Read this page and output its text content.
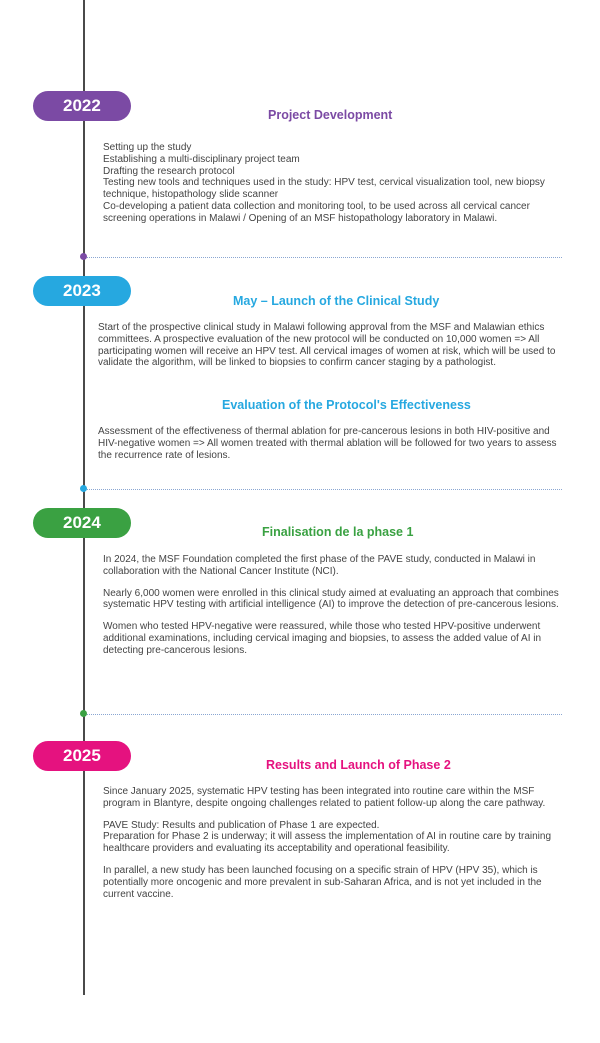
2022	Project Development

Setting up the study

Establishing a multi-disciplinary project team

Drafting the research protocol

Testing new tools and techniques used in the study: HPV test, cervical visualization tool, new biopsy technique, histopathology slide scanner

Co-developing a patient data collection and monitoring tool, to be used across all cervical cancer screening operations in Malawi / Opening of an MSF histopathology laboratory in Malawi.

2023
May – Launch of the Clinical Study
Start of the prospective clinical study in Malawi following approval from the MSF and Malawian ethics committees. A prospective evaluation of the new protocol will be conducted on 10,000 women => All participating women will receive an HPV test. All cervical images of women at risk, which will be used to validate the algorithm, will be linked to biopsies to confirm cancer staging by a pathologist.
Evaluation of the Protocol's Effectiveness
Assessment of the effectiveness of thermal ablation for pre-cancerous lesions in both HIV-positive and HIV-negative women => All women treated with thermal ablation will be followed for two years to assess the recurrence rate of lesions.
2024	Finalisation de la phase 1

In 2024, the MSF Foundation completed the first phase of the PAVE study, conducted in Malawi in collaboration with the National Cancer Institute (NCI).

Nearly 6,000 women were enrolled in this clinical study aimed at evaluating an approach that combines systematic HPV testing with artificial intelligence (AI) to improve the detection of pre-cancerous lesions.

Women who tested HPV-negative were reassured, while those who tested HPV-positive underwent additional examinations, including cervical imaging and biopsies, to assess the added value of AI in detecting pre-cancerous lesions.

2025	Results and Launch of Phase 2

Since January 2025, systematic HPV testing has been integrated into routine care within the MSF program in Blantyre, despite ongoing challenges related to patient follow-up along the care pathway.

PAVE Study: Results and publication of Phase 1 are expected.

Preparation for Phase 2 is underway; it will assess the implementation of AI in routine care by training healthcare providers and evaluating its acceptability and operational feasibility.

In parallel, a new study has been launched focusing on a specific strain of HPV (HPV 35), which is potentially more oncogenic and more prevalent in sub-Saharan Africa, and is not yet included in the current vaccine.
